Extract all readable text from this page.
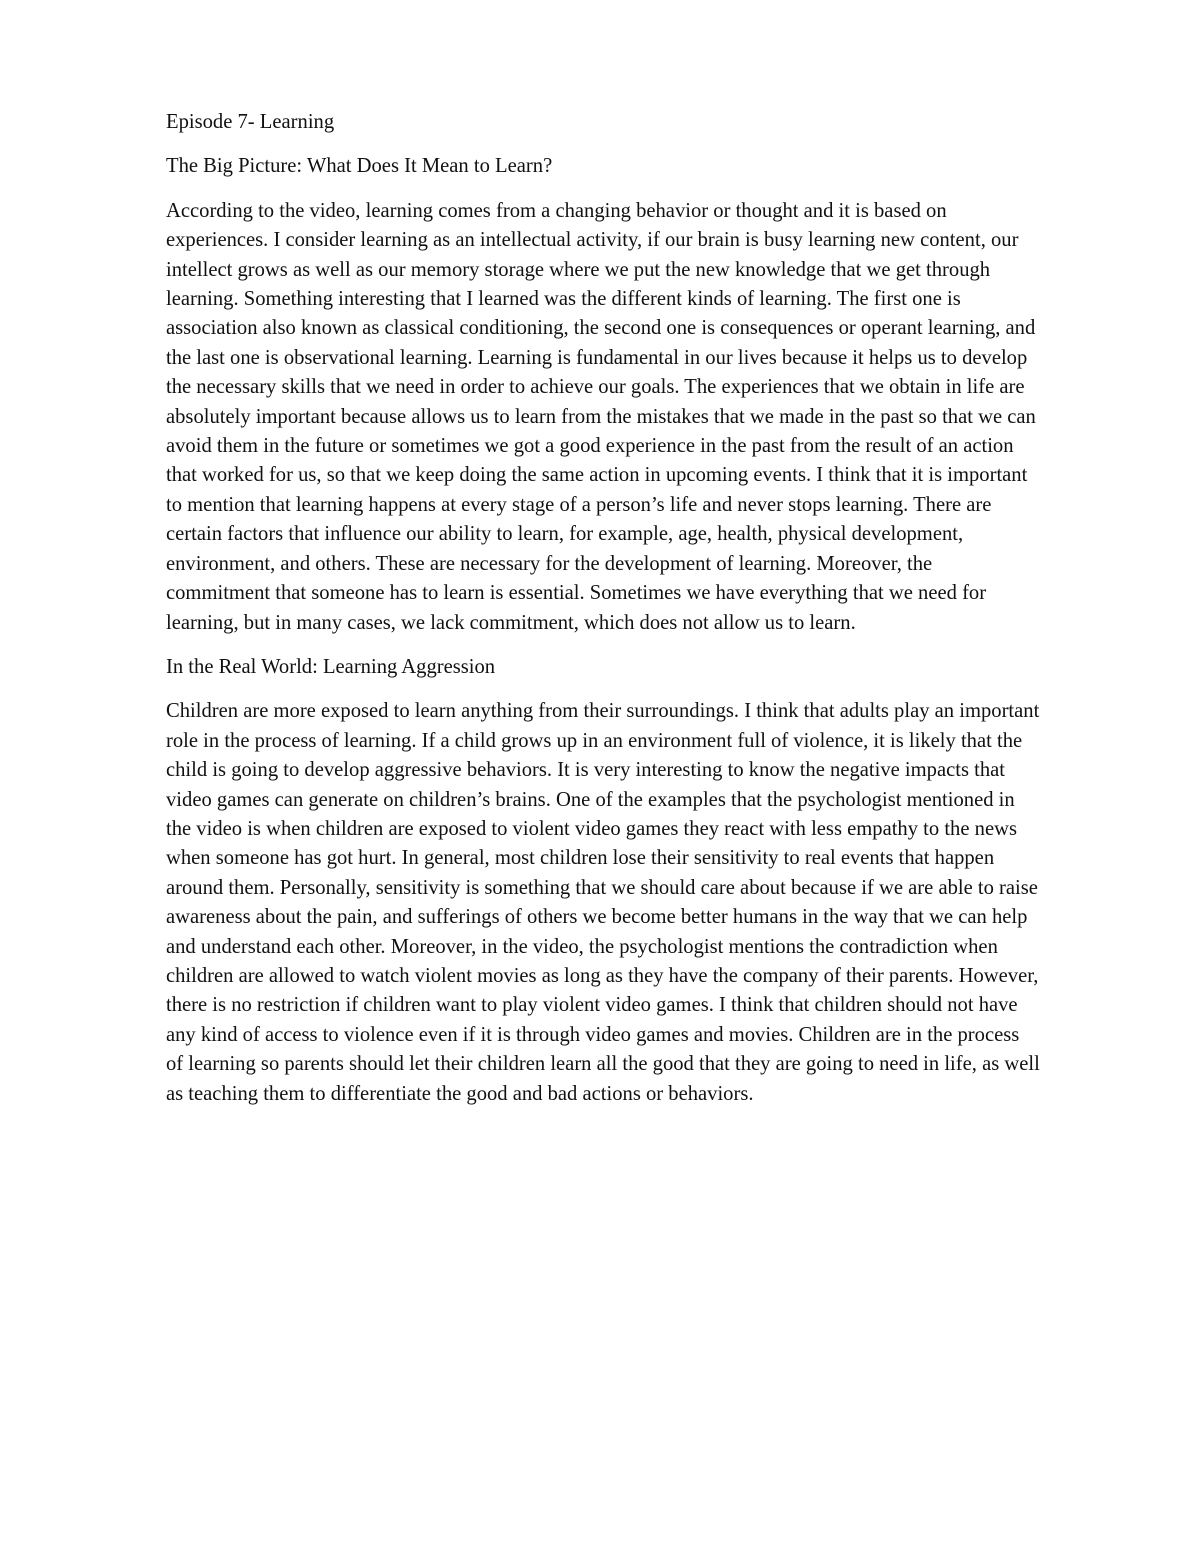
Episode 7- Learning

The Big Picture: What Does It Mean to Learn?

According to the video, learning comes from a changing behavior or thought and it is based on experiences. I consider learning as an intellectual activity, if our brain is busy learning new content, our intellect grows as well as our memory storage where we put the new knowledge that we get through learning. Something interesting that I learned was the different kinds of learning. The first one is association also known as classical conditioning, the second one is consequences or operant learning, and the last one is observational learning. Learning is fundamental in our lives because it helps us to develop the necessary skills that we need in order to achieve our goals. The experiences that we obtain in life are absolutely important because allows us to learn from the mistakes that we made in the past so that we can avoid them in the future or sometimes we got a good experience in the past from the result of an action that worked for us, so that we keep doing the same action in upcoming events. I think that it is important to mention that learning happens at every stage of a person’s life and never stops learning. There are certain factors that influence our ability to learn, for example, age, health, physical development, environment, and others. These are necessary for the development of learning. Moreover, the commitment that someone has to learn is essential. Sometimes we have everything that we need for learning, but in many cases, we lack commitment, which does not allow us to learn.

In the Real World: Learning Aggression

Children are more exposed to learn anything from their surroundings. I think that adults play an important role in the process of learning. If a child grows up in an environment full of violence, it is likely that the child is going to develop aggressive behaviors. It is very interesting to know the negative impacts that video games can generate on children’s brains. One of the examples that the psychologist mentioned in the video is when children are exposed to violent video games they react with less empathy to the news when someone has got hurt. In general, most children lose their sensitivity to real events that happen around them. Personally, sensitivity is something that we should care about because if we are able to raise awareness about the pain, and sufferings of others we become better humans in the way that we can help and understand each other. Moreover, in the video, the psychologist mentions the contradiction when children are allowed to watch violent movies as long as they have the company of their parents. However, there is no restriction if children want to play violent video games. I think that children should not have any kind of access to violence even if it is through video games and movies. Children are in the process of learning so parents should let their children learn all the good that they are going to need in life, as well as teaching them to differentiate the good and bad actions or behaviors.
